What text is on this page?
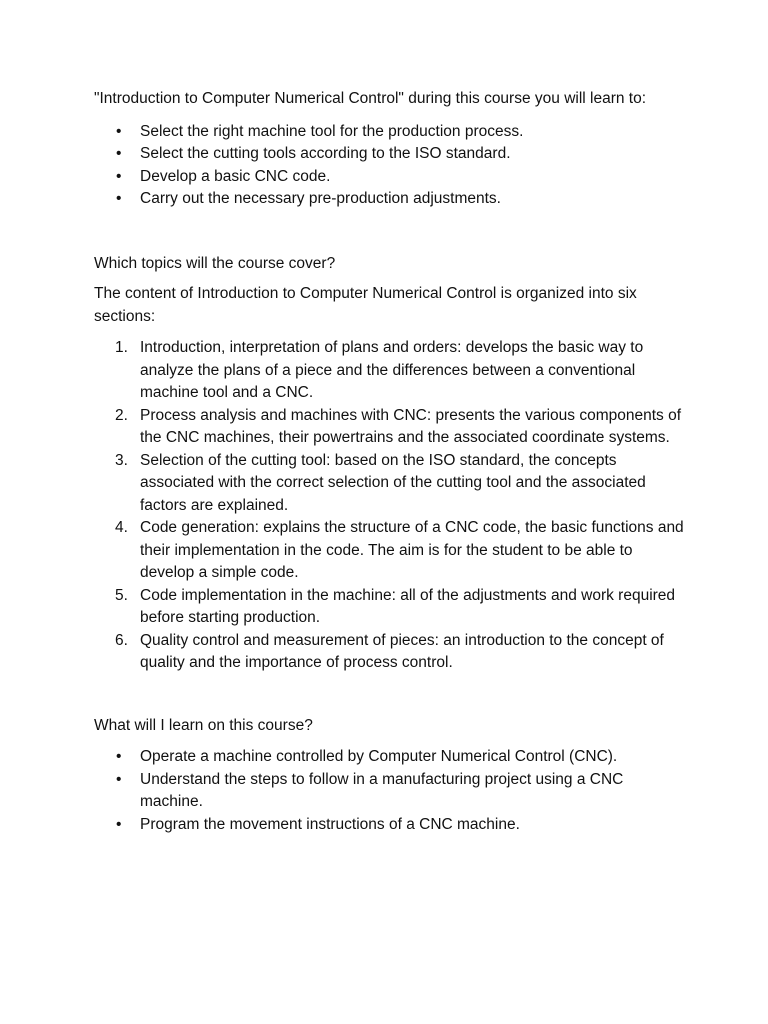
"Introduction to Computer Numerical Control" during this course you will learn to:

• Select the right machine tool for the production process.
• Select the cutting tools according to the ISO standard.
• Develop a basic CNC code.
• Carry out the necessary pre-production adjustments.

Which topics will the course cover?

The content of Introduction to Computer Numerical Control is organized into six sections:

1. Introduction, interpretation of plans and orders: develops the basic way to analyze the plans of a piece and the differences between a conventional machine tool and a CNC.
2. Process analysis and machines with CNC: presents the various components of the CNC machines, their powertrains and the associated coordinate systems.
3. Selection of the cutting tool: based on the ISO standard, the concepts associated with the correct selection of the cutting tool and the associated factors are explained.
4. Code generation: explains the structure of a CNC code, the basic functions and their implementation in the code. The aim is for the student to be able to develop a simple code.
5. Code implementation in the machine: all of the adjustments and work required before starting production.
6. Quality control and measurement of pieces: an introduction to the concept of quality and the importance of process control.

What will I learn on this course?

• Operate a machine controlled by Computer Numerical Control (CNC).
• Understand the steps to follow in a manufacturing project using a CNC machine.
• Program the movement instructions of a CNC machine.
